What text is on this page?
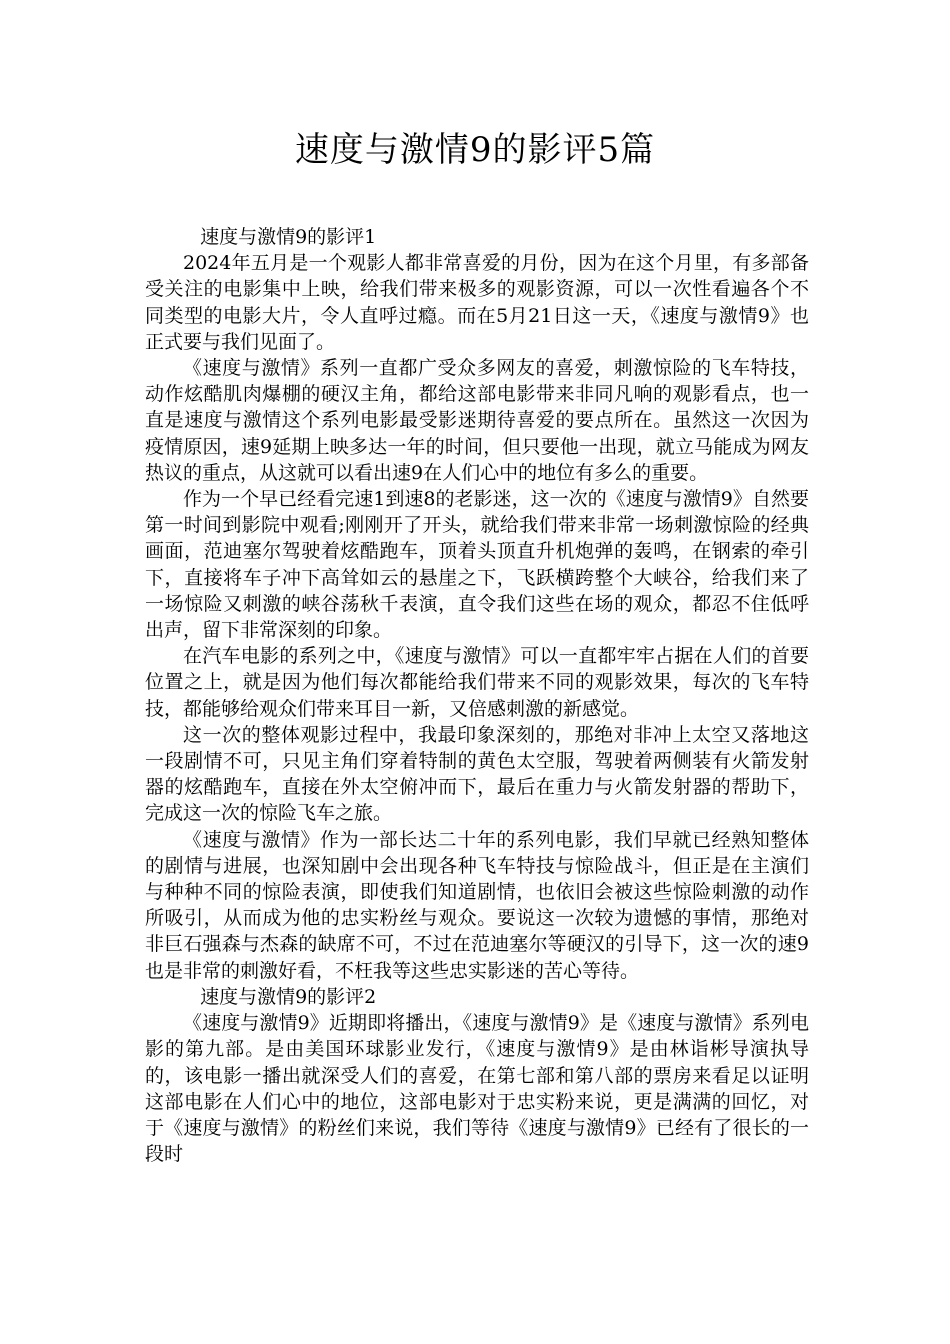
速度与激情9的影评5篇

速度与激情9的影评1

2024年五月是一个观影人都非常喜爱的月份，因为在这个月里，有多部备受关注的电影集中上映，给我们带来极多的观影资源，可以一次性看遍各个不同类型的电影大片，令人直呼过瘾。而在5月21日这一天，《速度与激情9》也正式要与我们见面了。

《速度与激情》系列一直都广受众多网友的喜爱，刺激惊险的飞车特技，动作炫酷肌肉爆棚的硬汉主角，都给这部电影带来非同凡响的观影看点，也一直是速度与激情这个系列电影最受影迷期待喜爱的要点所在。虽然这一次因为疫情原因，速9延期上映多达一年的时间，但只要他一出现，就立马能成为网友热议的重点，从这就可以看出速9在人们心中的地位有多么的重要。

作为一个早已经看完速1到速8的老影迷，这一次的《速度与激情9》自然要第一时间到影院中观看;刚刚开了开头，就给我们带来非常一场刺激惊险的经典画面，范迪塞尔驾驶着炫酷跑车，顶着头顶直升机炮弹的轰鸣，在钢索的牵引下，直接将车子冲下高耸如云的悬崖之下，飞跃横跨整个大峡谷，给我们来了一场惊险又刺激的峡谷荡秋千表演，直令我们这些在场的观众，都忍不住低呼出声，留下非常深刻的印象。

在汽车电影的系列之中，《速度与激情》可以一直都牢牢占据在人们的首要位置之上，就是因为他们每次都能给我们带来不同的观影效果，每次的飞车特技，都能够给观众们带来耳目一新，又倍感刺激的新感觉。

这一次的整体观影过程中，我最印象深刻的，那绝对非冲上太空又落地这一段剧情不可，只见主角们穿着特制的黄色太空服，驾驶着两侧装有火箭发射器的炫酷跑车，直接在外太空俯冲而下，最后在重力与火箭发射器的帮助下，完成这一次的惊险飞车之旅。

《速度与激情》作为一部长达二十年的系列电影，我们早就已经熟知整体的剧情与进展，也深知剧中会出现各种飞车特技与惊险战斗，但正是在主演们与种种不同的惊险表演，即使我们知道剧情，也依旧会被这些惊险刺激的动作所吸引，从而成为他的忠实粉丝与观众。要说这一次较为遗憾的事情，那绝对非巨石强森与杰森的缺席不可，不过在范迪塞尔等硬汉的引导下，这一次的速9也是非常的刺激好看，不枉我等这些忠实影迷的苦心等待。

速度与激情9的影评2

《速度与激情9》近期即将播出，《速度与激情9》是《速度与激情》系列电影的第九部。是由美国环球影业发行，《速度与激情9》是由林诣彬导演执导的，该电影一播出就深受人们的喜爱，在第七部和第八部的票房来看足以证明这部电影在人们心中的地位，这部电影对于忠实粉来说，更是满满的回忆，对于《速度与激情》的粉丝们来说，我们等待《速度与激情9》已经有了很长的一段时
